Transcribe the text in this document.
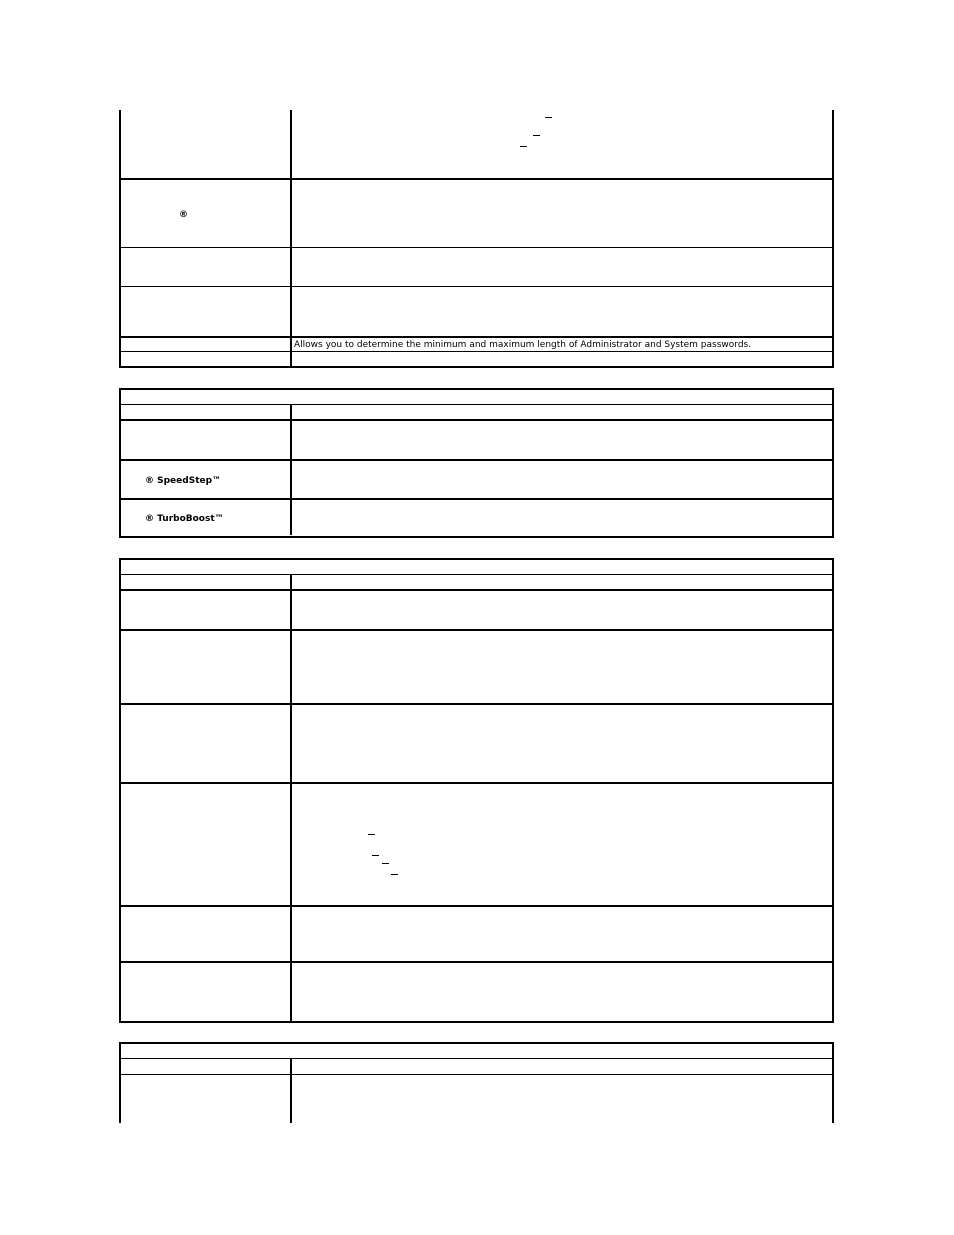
®
Allows you to determine the minimum and maximum length of Administrator and System passwords.
® SpeedStep™
® TurboBoost™
